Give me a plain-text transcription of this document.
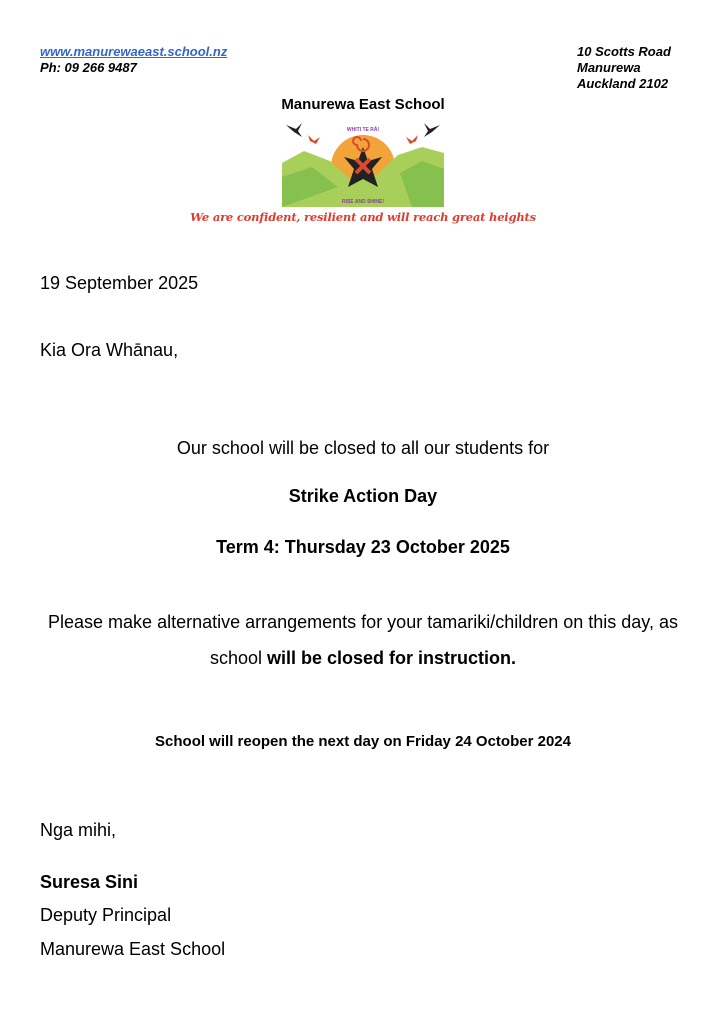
www.manurewaeast.school.nz
Ph: 09 266 9487
10 Scotts Road
Manurewa
Auckland 2102
Manurewa East School
WHITI TE RĀ!
RISE AND SHINE!
We are confident, resilient and will reach great heights
19 September 2025
Kia Ora Whānau,
Our school will be closed to all our students for
Strike Action Day
Term 4: Thursday 23 October 2025
Please make alternative arrangements for your tamariki/children on this day, as school will be closed for instruction.
School will reopen the next day on Friday 24 October 2024
Nga mihi,
Suresa Sini
Deputy Principal
Manurewa East School
